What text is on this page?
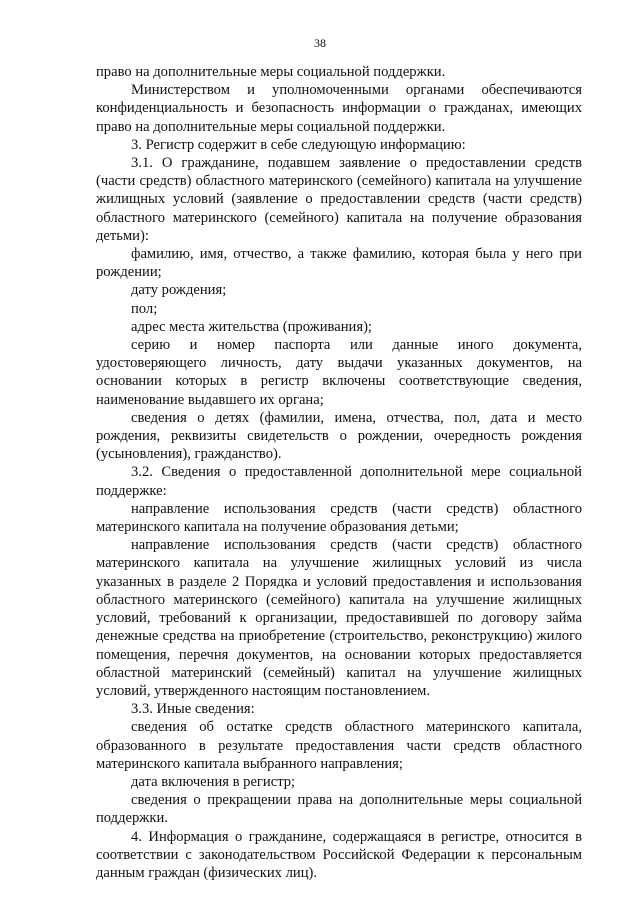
38

право на дополнительные меры социальной поддержки.

Министерством и уполномоченными органами обеспечиваются конфиденциальность и безопасность информации о гражданах, имеющих право на дополнительные меры социальной поддержки.

3. Регистр содержит в себе следующую информацию:

3.1. О гражданине, подавшем заявление о предоставлении средств (части средств) областного материнского (семейного) капитала на улучшение жилищных условий (заявление о предоставлении средств (части средств) областного материнского (семейного) капитала на получение образования детьми):

фамилию, имя, отчество, а также фамилию, которая была у него при рождении;

дату рождения;

пол;

адрес места жительства (проживания);

серию и номер паспорта или данные иного документа, удостоверяющего личность, дату выдачи указанных документов, на основании которых в регистр включены соответствующие сведения, наименование выдавшего их органа;

сведения о детях (фамилии, имена, отчества, пол, дата и место рождения, реквизиты свидетельств о рождении, очередность рождения (усыновления), гражданство).

3.2. Сведения о предоставленной дополнительной мере социальной поддержке:

направление использования средств (части средств) областного материнского капитала на получение образования детьми;

направление использования средств (части средств) областного материнского капитала на улучшение жилищных условий из числа указанных в разделе 2 Порядка и условий предоставления и использования областного материнского (семейного) капитала на улучшение жилищных условий, требований к организации, предоставившей по договору займа денежные средства на приобретение (строительство, реконструкцию) жилого помещения, перечня документов, на основании которых предоставляется областной материнский (семейный) капитал на улучшение жилищных условий, утвержденного настоящим постановлением.

3.3. Иные сведения:

сведения об остатке средств областного материнского капитала, образованного в результате предоставления части средств областного материнского капитала выбранного направления;

дата включения в регистр;

сведения о прекращении права на дополнительные меры социальной поддержки.

4. Информация о гражданине, содержащаяся в регистре, относится в соответствии с законодательством Российской Федерации к персональным данным граждан (физических лиц).
